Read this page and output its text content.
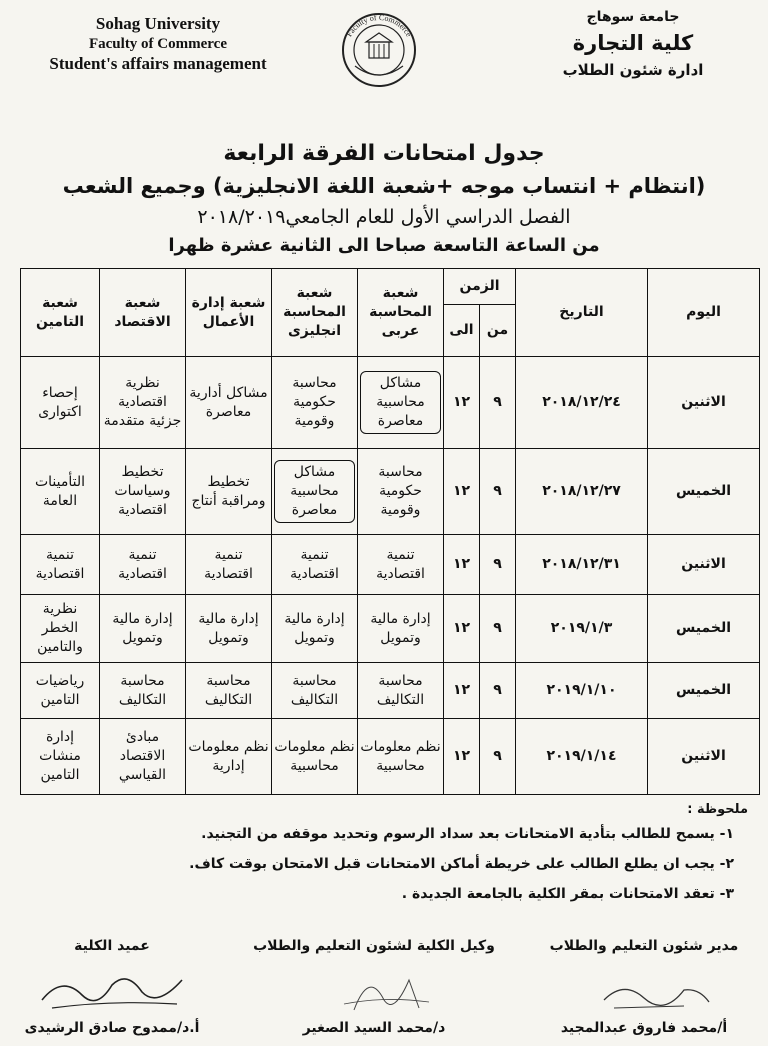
Sohag University
Faculty of Commerce
Student's affairs management
Faculty of Commerce
جامعة سوهاج
كلية التجارة
ادارة شئون الطلاب
جدول امتحانات الفرقة الرابعة
(انتظام + انتساب موجه +شعبة اللغة الانجليزية) وجميع الشعب
الفصل الدراسي الأول للعام الجامعي٢٠١٨/٢٠١٩
من الساعة التاسعة صباحا الى الثانية عشرة ظهرا
اليوم	التاريخ	الزمن		شعبة المحاسبة عربى	شعبة المحاسبة انجليزى	شعبة إدارة الأعمال	شعبة الاقتصاد	شعبة التامين
		من	الى					
الاثنين	٢٠١٨/١٢/٢٤	٩	١٢	مشاكل محاسبية معاصرة	محاسبة حكومية وقومية	مشاكل أدارية معاصرة	نظرية اقتصادية جزئية متقدمة	إحصاء اكتوارى
الخميس	٢٠١٨/١٢/٢٧	٩	١٢	محاسبة حكومية وقومية	مشاكل محاسبية معاصرة	تخطيط ومراقبة أنتاج	تخطيط وسياسات اقتصادية	التأمينات العامة
الاثنين	٢٠١٨/١٢/٣١	٩	١٢	تنمية اقتصادية	تنمية اقتصادية	تنمية اقتصادية	تنمية اقتصادية	تنمية اقتصادية
الخميس	٢٠١٩/١/٣	٩	١٢	إدارة مالية وتمويل	إدارة مالية وتمويل	إدارة مالية وتمويل	إدارة مالية وتمويل	نظرية الخطر والتامين
الخميس	٢٠١٩/١/١٠	٩	١٢	محاسبة التكاليف	محاسبة التكاليف	محاسبة التكاليف	محاسبة التكاليف	رياضيات التامين
الاثنين	٢٠١٩/١/١٤	٩	١٢	نظم معلومات محاسبية	نظم معلومات محاسبية	نظم معلومات إدارية	مبادئ الاقتصاد القياسي	إدارة منشات التامين
ملحوظة :
١- يسمح للطالب بتأدية الامتحانات بعد سداد الرسوم وتحديد موقفه من التجنيد.
٢- يجب ان يطلع الطالب على خريطة أماكن الامتحانات قبل الامتحان بوقت كاف.
٣- تعقد الامتحانات بمقر الكلية بالجامعة الجديدة .
مدير شئون التعليم والطلاب
أ/محمد فاروق عبدالمجيد
وكيل الكلية لشئون التعليم والطلاب
د/محمد السيد الصغير
عميد الكلية
أ.د/ممدوح صادق الرشيدى
